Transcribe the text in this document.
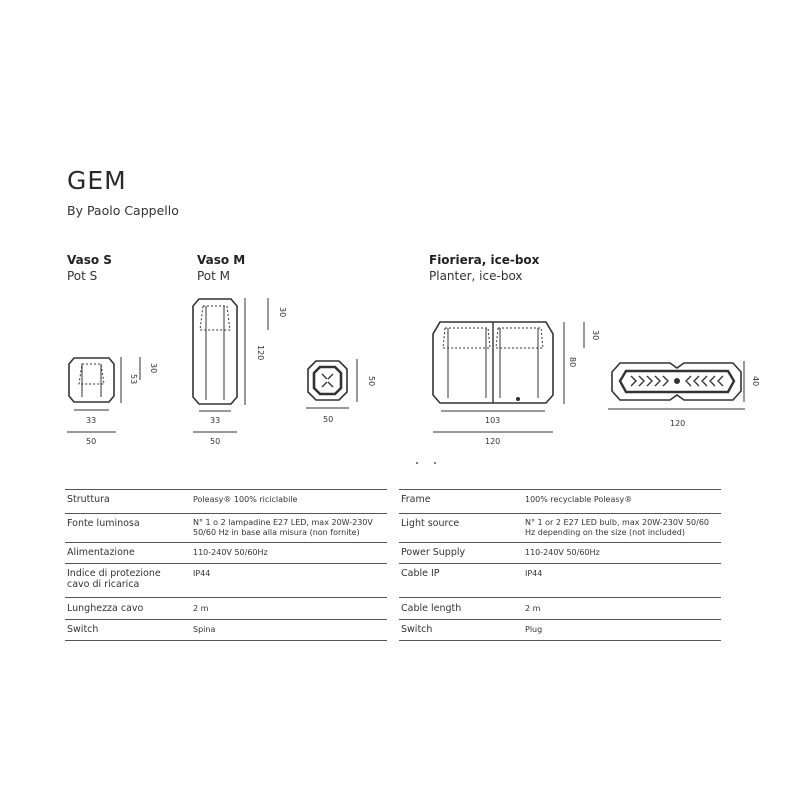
GEM
By Paolo Cappello
Vaso S
Pot S
Vaso M
Pot M
Fioriera, ice-box
Planter, ice-box
33
50
53
30
33
50
120
30
50
50
103
120
80
30
120
40
Struttura	Poleasy® 100% riciclabile
Fonte luminosa	N° 1 o 2 lampadine E27 LED, max 20W-230V
50/60 Hz in base alla misura (non fornite)
Alimentazione	110-240V 50/60Hz
Indice di protezione
cavo di ricarica	IP44
Lunghezza cavo	2 m
Switch	Spina
Frame	100% recyclable Poleasy®
Light source	N° 1 or 2 E27 LED bulb, max 20W-230V 50/60
Hz depending on the size (not included)
Power Supply	110-240V 50/60Hz
Cable IP	IP44
Cable length	2 m
Switch	Plug
